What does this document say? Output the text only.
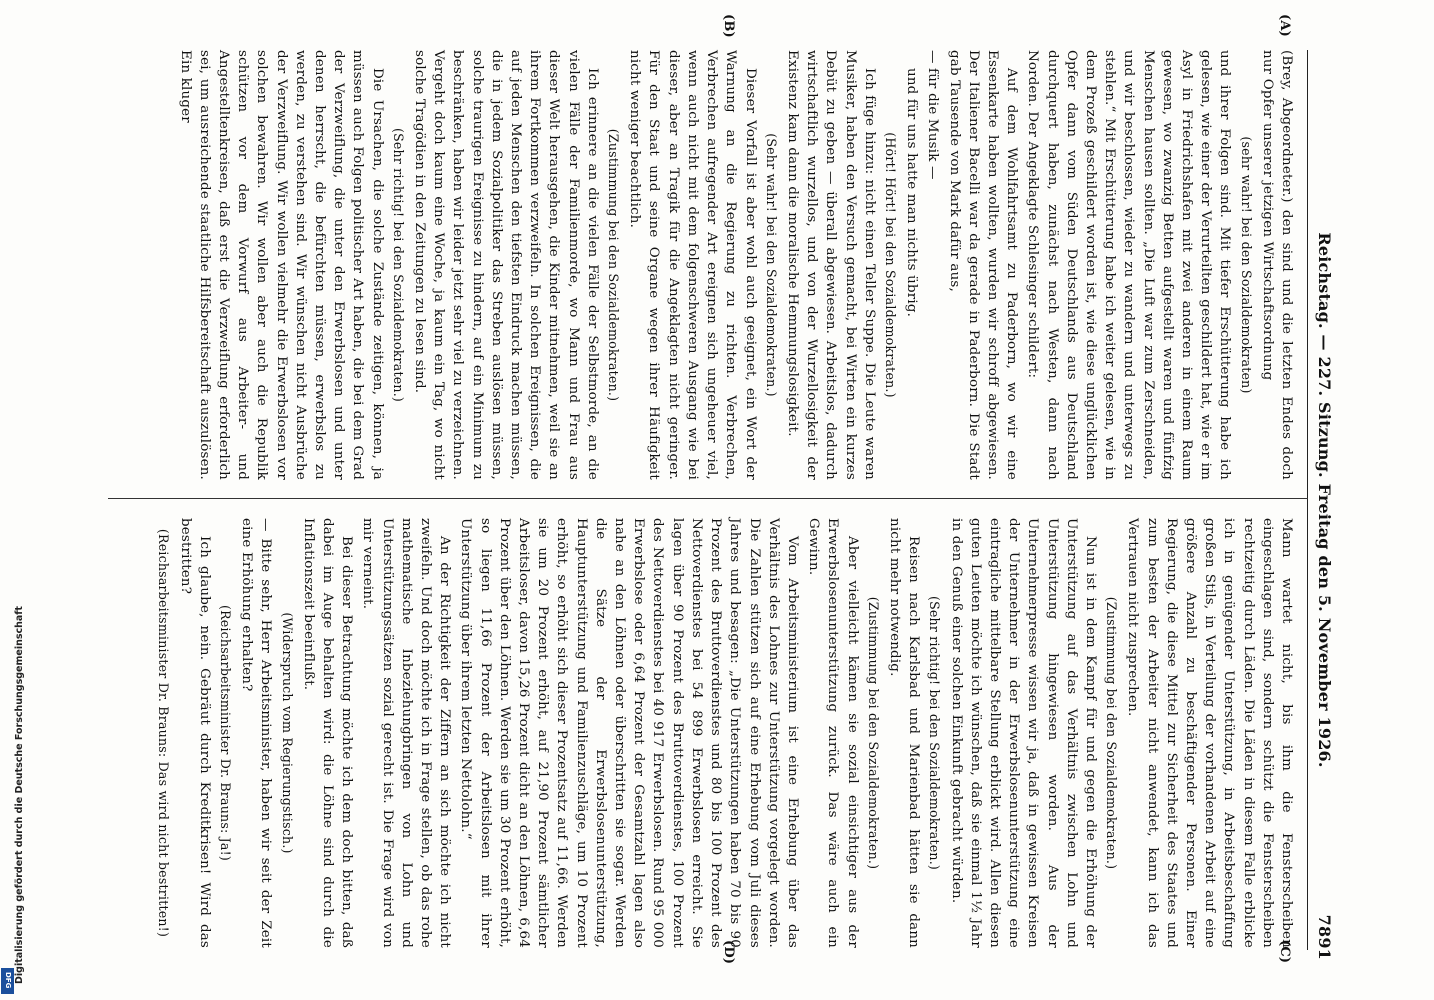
Reichstag. — 227. Sitzung. Freitag den 5. November 1926.
7891
(A)
(B)
(C)
(D)

(Brey, Abgeordneter.) den sind und die letzten Endes doch nur Opfer unserer jetzigen Wirtschaftsordnung

(sehr wahr! bei den Sozialdemokraten)

und ihrer Folgen sind. Mit tiefer Erschütterung habe ich gelesen, wie einer der Verurteilten geschildert hat, wie er im Asyl in Friedrichshafen mit zwei anderen in einem Raum gewesen, wo zwanzig Betten aufgestellt waren und fünfzig Menschen hausen sollten. „Die Luft war zum Zerschneiden, und wir beschlossen, wieder zu wandern und unterwegs zu stehlen.“ Mit Erschütterung habe ich weiter gelesen, wie in dem Prozeß geschildert worden ist, wie diese unglücklichen Opfer dann vom Süden Deutschlands aus Deutschland durchquert haben, zunächst nach Westen, dann nach Norden. Der Angeklagte Schlesinger schildert:

Auf dem Wohlfahrtsamt zu Paderborn, wo wir eine Essenkarte haben wollten, wurden wir schroff abgewiesen. Der Italiener Bacelli war da gerade in Paderborn. Die Stadt gab Tausende von Mark dafür aus,

— für die Musik —

und für uns hatte man nichts übrig.

(Hört! Hört! bei den Sozialdemokraten.)

Ich füge hinzu: nicht einen Teller Suppe. Die Leute waren Musiker, haben den Versuch gemacht, bei Wirten ein kurzes Debüt zu geben — überall abgewiesen. Arbeitslos, dadurch wirtschaftlich wurzellos, und von der Wurzellosigkeit der Existenz kam dann die moralische Hemmungslosigkeit.

(Sehr wahr! bei den Sozialdemokraten.)

Dieser Vorfall ist aber wohl auch geeignet, ein Wort der Warnung an die Regierung zu richten. Verbrechen, Verbrechen aufregender Art ereignen sich ungeheuer viel, wenn auch nicht mit dem folgenschweren Ausgang wie bei dieser, aber an Tragik für die Angeklagten nicht geringer. Für den Staat und seine Organe wegen ihrer Häufigkeit nicht weniger beachtlich.

(Zustimmung bei den Sozialdemokraten.)

Ich erinnere an die vielen Fälle der Selbstmorde, an die vielen Fälle der Familienmorde, wo Mann und Frau aus dieser Welt herausgehen, die Kinder mitnehmen, weil sie an ihrem Fortkommen verzweifeln. In solchen Ereignissen, die auf jeden Menschen den tiefsten Eindruck machen müssen, die in jedem Sozialpolitiker das Streben auslösen müssen, solche traurigen Ereignisse zu hindern, auf ein Minimum zu beschränken, haben wir leider jetzt sehr viel zu verzeichnen. Vergeht doch kaum eine Woche, ja kaum ein Tag, wo nicht solche Tragödien in den Zeitungen zu lesen sind.

(Sehr richtig! bei den Sozialdemokraten.)

Die Ursachen, die solche Zustände zeitigen, können, ja müssen auch Folgen politischer Art haben, die bei dem Grad der Verzweiflung, die unter den Erwerbslosen und unter denen herrscht, die befürchten müssen, erwerbslos zu werden, zu verstehen sind. Wir wünschen nicht Ausbrüche der Verzweiflung. Wir wollen vielmehr die Erwerbslosen vor solchen bewahren. Wir wollen aber auch die Republik schützen vor dem Vorwurf aus Arbeiter- und Angestelltenkreisen, daß erst die Verzweiflung erforderlich sei, um ausreichende staatliche Hilfsbereitschaft auszulösen. Ein kluger

Mann wartet nicht, bis ihm die Fensterscheiben eingeschlagen sind, sondern schützt die Fensterscheiben rechtzeitig durch Läden. Die Läden in diesem Falle erblicke ich in genügender Unterstützung, in Arbeitsbeschaffung großen Stils, in Verteilung der vorhandenen Arbeit auf eine größere Anzahl zu beschäftigender Personen. Einer Regierung, die diese Mittel zur Sicherheit des Staates und zum besten der Arbeiter nicht anwendet, kann ich das Vertrauen nicht zusprechen.

(Zustimmung bei den Sozialdemokraten.)

Nun ist in dem Kampf für und gegen die Erhöhung der Unterstützung auf das Verhältnis zwischen Lohn und Unterstützung hingewiesen worden. Aus der Unternehmerpresse wissen wir ja, daß in gewissen Kreisen der Unternehmer in der Erwerbslosenunterstützung eine eintragliche mittelbare Stellung erblickt wird. Allen diesen guten Leuten möchte ich wünschen, daß sie einmal 1½ Jahr in den Genuß einer solchen Einkunft gebracht würden.

(Sehr richtig! bei den Sozialdemokraten.)

Reisen nach Karlsbad und Marienbad hätten sie dann nicht mehr notwendig.

(Zustimmung bei den Sozialdemokraten.)

Aber vielleicht kämen sie sozial einsichtiger aus der Erwerbslosenunterstützung zurück. Das wäre auch ein Gewinn.

Vom Arbeitsministerium ist eine Erhebung über das Verhältnis des Lohnes zur Unterstützung vorgelegt worden. Die Zahlen stützen sich auf eine Erhebung vom Juli dieses Jahres und besagen: „Die Unterstützungen haben 70 bis 90 Prozent des Bruttoverdienstes und 80 bis 100 Prozent des Nettoverdienstes bei 54 899 Erwerbslosen erreicht. Sie lagen über 90 Prozent des Bruttoverdienstes, 100 Prozent des Nettoverdienstes bei 40 917 Erwerbslosen. Rund 95 000 Erwerbslose oder 6,64 Prozent der Gesamtzahl lagen also nahe an den Löhnen oder überschritten sie sogar. Werden die Sätze der Erwerbslosenunterstützung, Hauptunterstützung und Familienzuschläge, um 10 Prozent erhöht, so erhöht sich dieser Prozentsatz auf 11,66. Werden sie um 20 Prozent erhöht, auf 21,90 Prozent sämtlicher Arbeitsloser, davon 15,26 Prozent dicht an den Löhnen, 6,64 Prozent über den Löhnen. Werden sie um 30 Prozent erhöht, so liegen 11,66 Prozent der Arbeitslosen mit ihrer Unterstützung über ihrem letzten Nettolohn.“

An der Richtigkeit der Ziffern an sich möchte ich nicht zweifeln. Und doch möchte ich in Frage stellen, ob das rohe mathematische Inbeziehungbringen von Lohn und Unterstützungssätzen sozial gerecht ist. Die Frage wird von mir verneint.

Bei dieser Betrachtung möchte ich dem doch bitten, daß dabei im Auge behalten wird: die Löhne sind durch die Inflationszeit beeinflußt.

(Widerspruch vom Regierungstisch.)

— Bitte sehr, Herr Arbeitsminister, haben wir seit der Zeit eine Erhöhung erhalten?

(Reichsarbeitsminister Dr. Brauns: Ja!)

Ich glaube, nein. Gebräut durch Kreditkrisen! Wird das bestritten?

(Reichsarbeitsminister Dr. Brauns: Das wird nicht bestritten!)

Digitalisierung gefördert durch die Deutsche Forschungsgemeinschaft
DFG
